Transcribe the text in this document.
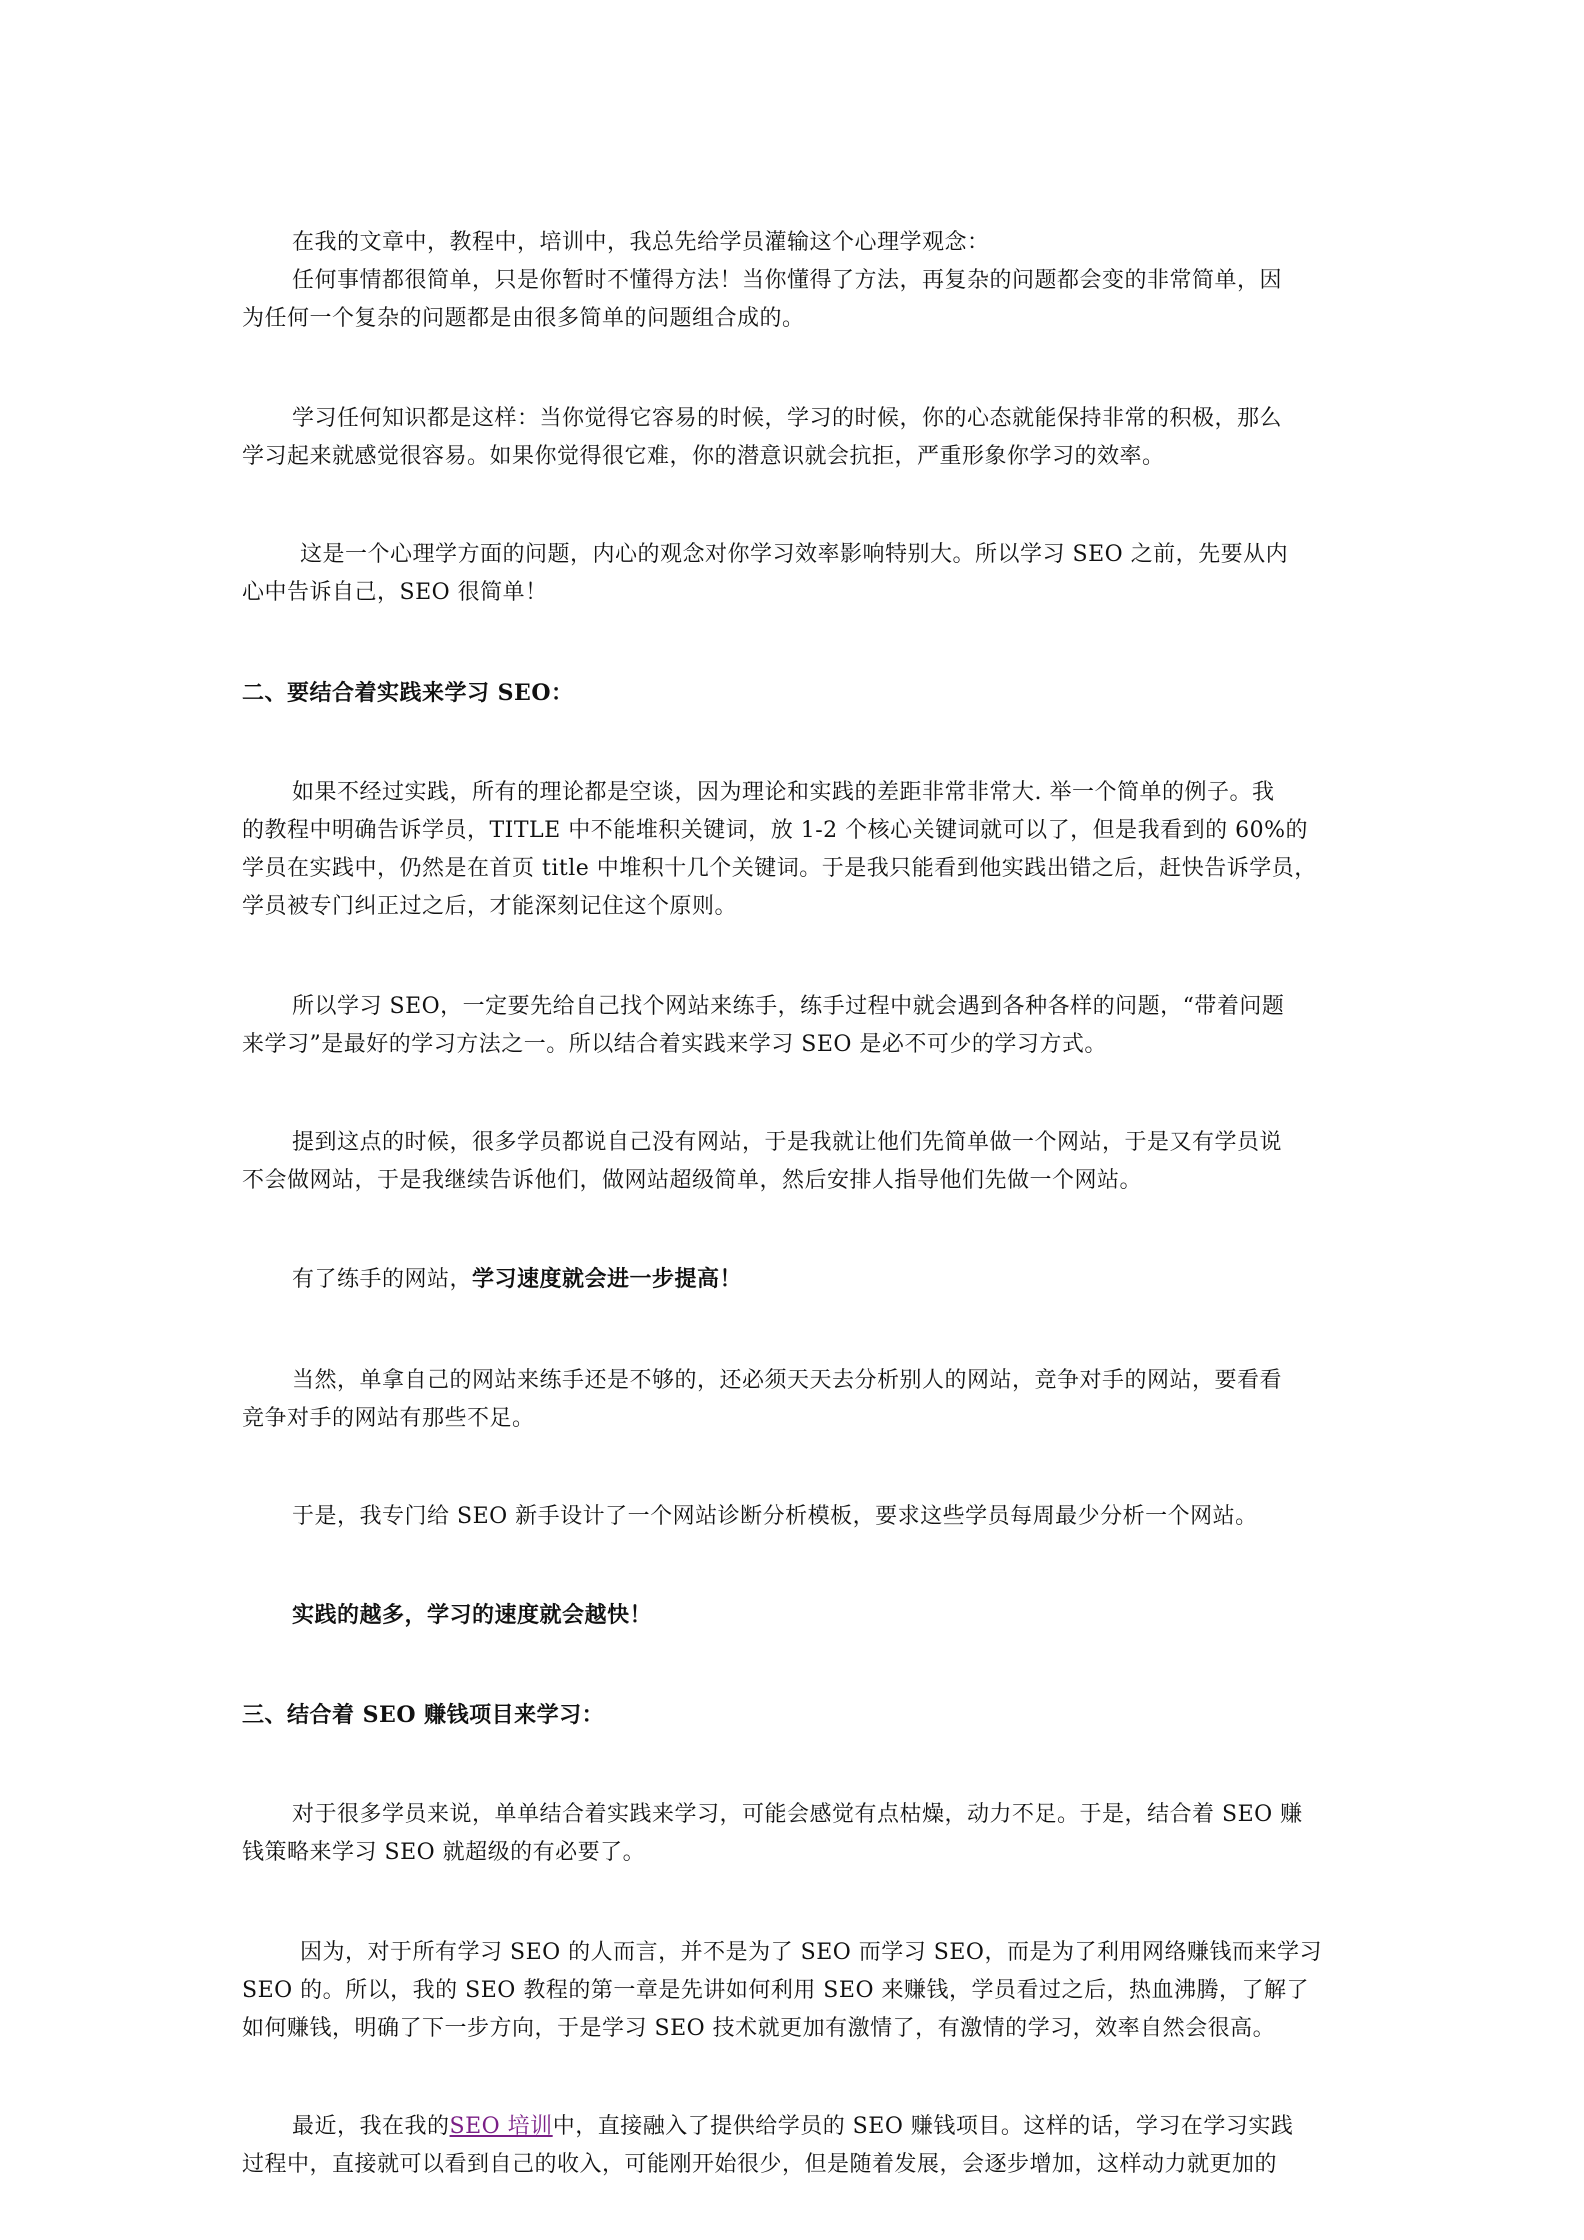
在我的文章中，教程中，培训中，我总先给学员灌输这个心理学观念：
任何事情都很简单，只是你暂时不懂得方法！当你懂得了方法，再复杂的问题都会变的非常简单，因
为任何一个复杂的问题都是由很多简单的问题组合成的。
学习任何知识都是这样：当你觉得它容易的时候，学习的时候，你的心态就能保持非常的积极，那么
学习起来就感觉很容易。如果你觉得很它难，你的潜意识就会抗拒，严重形象你学习的效率。
这是一个心理学方面的问题，内心的观念对你学习效率影响特别大。所以学习 SEO 之前，先要从内
心中告诉自己，SEO 很简单！
二、要结合着实践来学习 SEO：
如果不经过实践，所有的理论都是空谈，因为理论和实践的差距非常非常大. 举一个简单的例子。我
的教程中明确告诉学员，TITLE 中不能堆积关键词，放 1-2 个核心关键词就可以了，但是我看到的 60%的
学员在实践中，仍然是在首页 title 中堆积十几个关键词。于是我只能看到他实践出错之后，赶快告诉学员，
学员被专门纠正过之后，才能深刻记住这个原则。
所以学习 SEO，一定要先给自己找个网站来练手，练手过程中就会遇到各种各样的问题，“带着问题
来学习”是最好的学习方法之一。所以结合着实践来学习 SEO 是必不可少的学习方式。
提到这点的时候，很多学员都说自己没有网站，于是我就让他们先简单做一个网站，于是又有学员说
不会做网站，于是我继续告诉他们，做网站超级简单，然后安排人指导他们先做一个网站。
有了练手的网站，学习速度就会进一步提高！
当然，单拿自己的网站来练手还是不够的，还必须天天去分析别人的网站，竞争对手的网站，要看看
竞争对手的网站有那些不足。
于是，我专门给 SEO 新手设计了一个网站诊断分析模板，要求这些学员每周最少分析一个网站。
实践的越多，学习的速度就会越快！
三、结合着 SEO 赚钱项目来学习：
对于很多学员来说，单单结合着实践来学习，可能会感觉有点枯燥，动力不足。于是，结合着 SEO 赚
钱策略来学习 SEO 就超级的有必要了。
因为，对于所有学习 SEO 的人而言，并不是为了 SEO 而学习 SEO，而是为了利用网络赚钱而来学习
SEO 的。所以，我的 SEO 教程的第一章是先讲如何利用 SEO 来赚钱，学员看过之后，热血沸腾，了解了
如何赚钱，明确了下一步方向，于是学习 SEO 技术就更加有激情了，有激情的学习，效率自然会很高。
最近，我在我的SEO 培训中，直接融入了提供给学员的 SEO 赚钱项目。这样的话，学习在学习实践
过程中，直接就可以看到自己的收入，可能刚开始很少，但是随着发展，会逐步增加，这样动力就更加的
